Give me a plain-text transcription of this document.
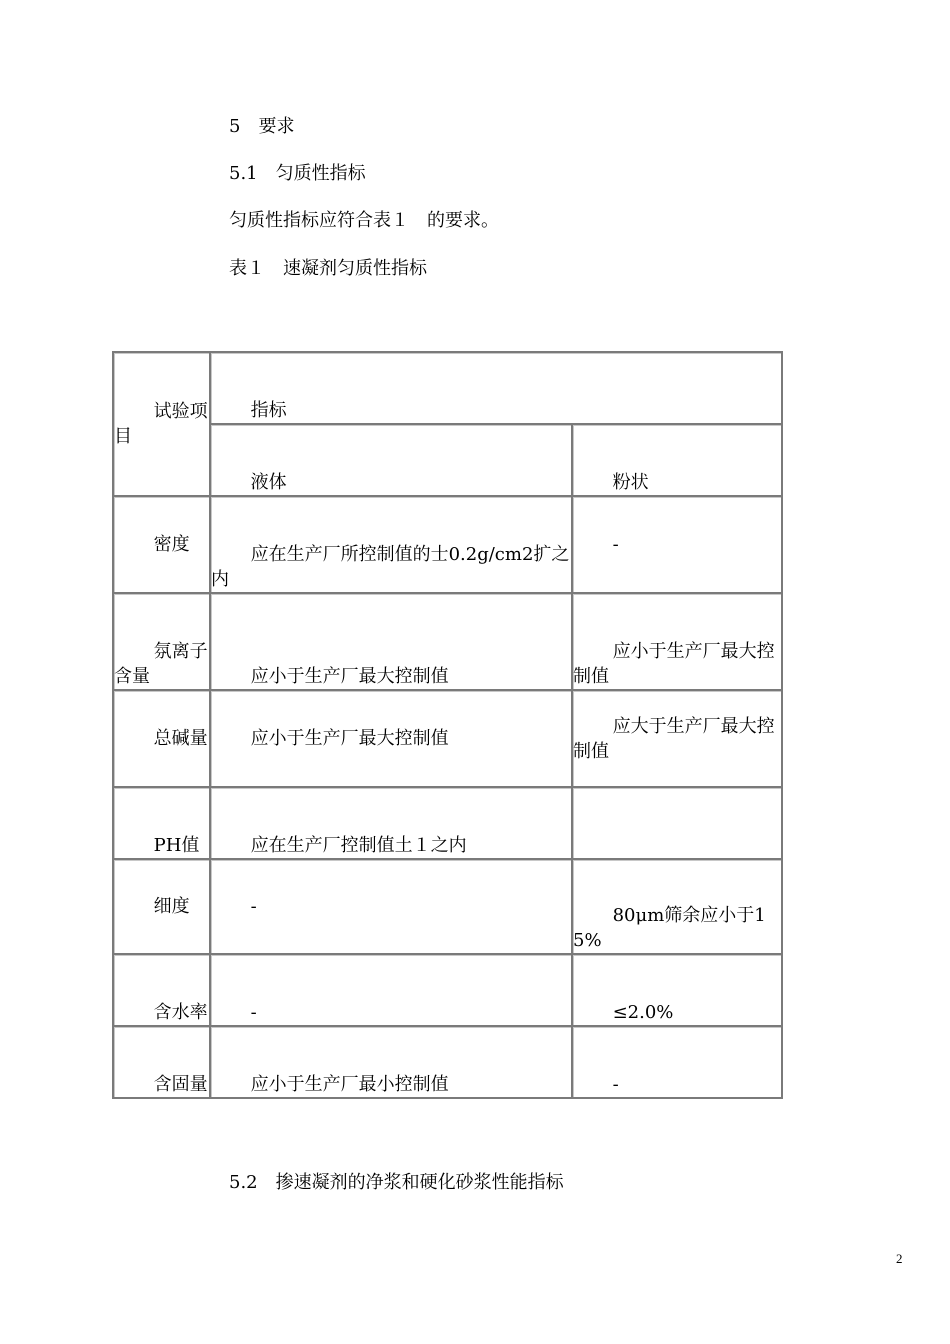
5　要求
5.1　匀质性指标
匀质性指标应符合表１　的要求。
表１　速凝剂匀质性指标
试验项目	指标	
	液体	粉状
密度	应在生产厂所控制值的士0.2g/cm2扩之内	-
氛离子含量	应小于生产厂最大控制值	应小于生产厂最大控制值
总碱量	应小于生产厂最大控制值	应大于生产厂最大控制值
PH值	应在生产厂控制值土１之内	
细度	-	80μm筛余应小于15%
含水率	-	≤2.0%
含固量	应小于生产厂最小控制值	-
5.2　掺速凝剂的净浆和硬化砂浆性能指标
2
